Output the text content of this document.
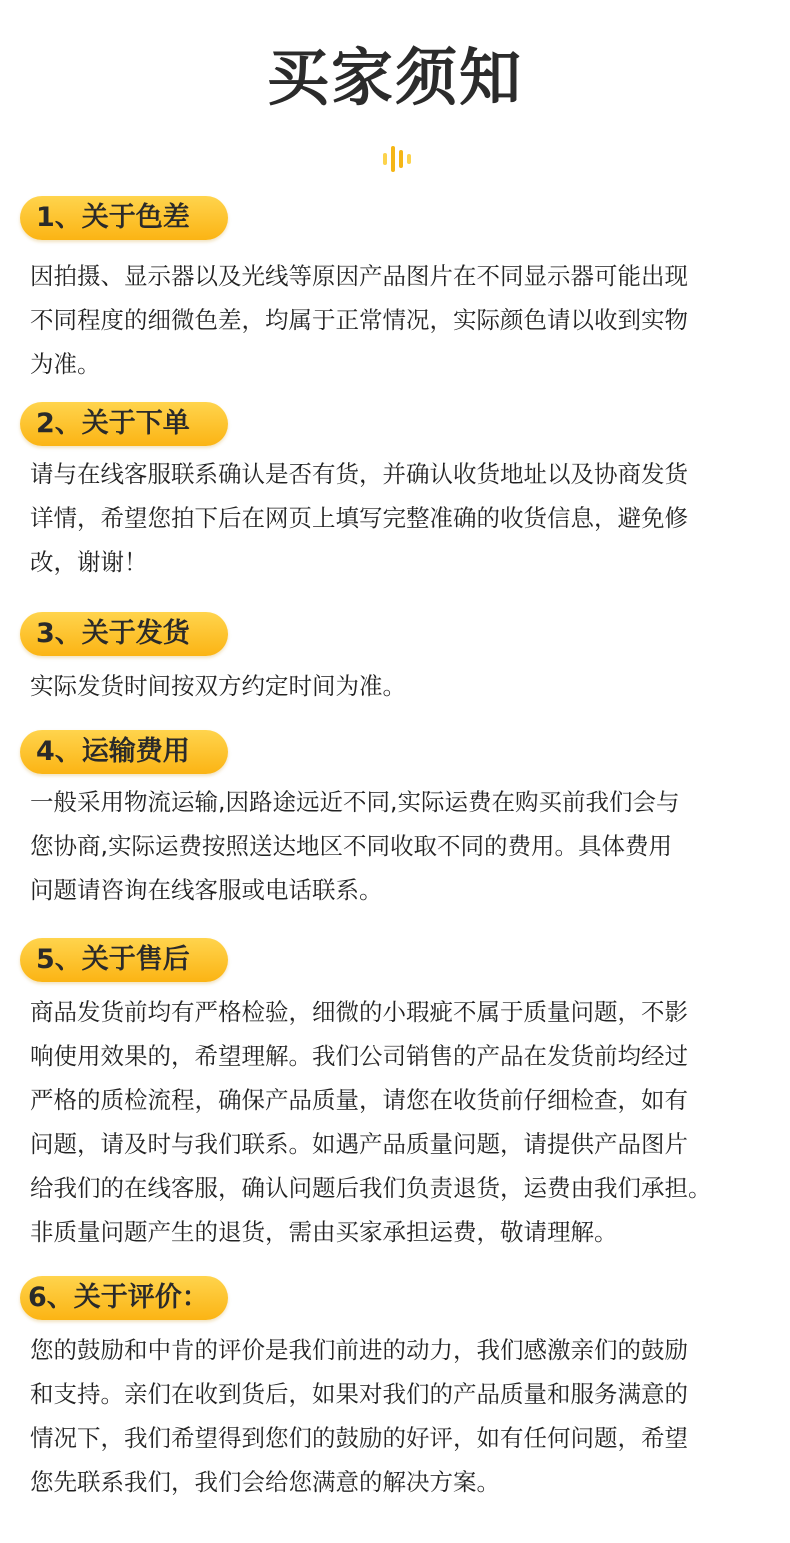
买家须知
1、关于色差
因拍摄、显示器以及光线等原因产品图片在不同显示器可能出现
不同程度的细微色差，均属于正常情况，实际颜色请以收到实物
为准。
2、关于下单
请与在线客服联系确认是否有货，并确认收货地址以及协商发货
详情，希望您拍下后在网页上填写完整准确的收货信息，避免修
改，谢谢！
3、关于发货
实际发货时间按双方约定时间为准。
4、运输费用
一般采用物流运输,因路途远近不同,实际运费在购买前我们会与
您协商,实际运费按照送达地区不同收取不同的费用。具体费用
问题请咨询在线客服或电话联系。
5、关于售后
商品发货前均有严格检验，细微的小瑕疵不属于质量问题，不影
响使用效果的，希望理解。我们公司销售的产品在发货前均经过
严格的质检流程，确保产品质量，请您在收货前仔细检查，如有
问题，请及时与我们联系。如遇产品质量问题，请提供产品图片
给我们的在线客服，确认问题后我们负责退货，运费由我们承担。
非质量问题产生的退货，需由买家承担运费，敬请理解。
6、关于评价：
您的鼓励和中肯的评价是我们前进的动力，我们感激亲们的鼓励
和支持。亲们在收到货后，如果对我们的产品质量和服务满意的
情况下，我们希望得到您们的鼓励的好评，如有任何问题，希望
您先联系我们，我们会给您满意的解决方案。
